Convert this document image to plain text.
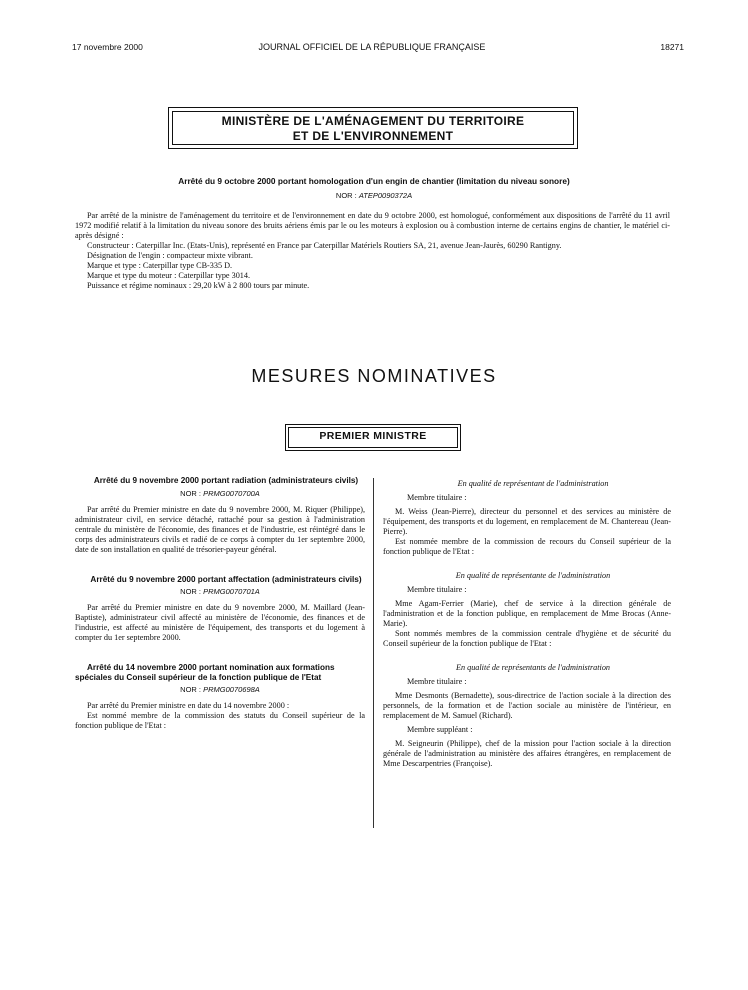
17 novembre 2000	JOURNAL OFFICIEL DE LA RÉPUBLIQUE FRANÇAISE	18271
MINISTÈRE DE L'AMÉNAGEMENT DU TERRITOIRE
ET DE L'ENVIRONNEMENT
Arrêté du 9 octobre 2000 portant homologation d'un engin de chantier (limitation du niveau sonore)
NOR : ATEP0090372A

Par arrêté de la ministre de l'aménagement du territoire et de l'environnement en date du 9 octobre 2000, est homologué, conformément aux dispositions de l'arrêté du 11 avril 1972 modifié relatif à la limitation du niveau sonore des bruits aériens émis par le ou les moteurs à explosion ou à combustion interne de certains engins de chantier, le matériel ci-après désigné :

Constructeur : Caterpillar Inc. (Etats-Unis), représenté en France par Caterpillar Matériels Routiers SA, 21, avenue Jean-Jaurès, 60290 Rantigny.

Désignation de l'engin : compacteur mixte vibrant.

Marque et type : Caterpillar type CB-335 D.

Marque et type du moteur : Caterpillar type 3014.

Puissance et régime nominaux : 29,20 kW à 2 800 tours par minute.

MESURES NOMINATIVES
PREMIER MINISTRE

Arrêté du 9 novembre 2000 portant radiation (administrateurs civils)

NOR : PRMG0070700A

Par arrêté du Premier ministre en date du 9 novembre 2000, M. Riquer (Philippe), administrateur civil, en service détaché, rattaché pour sa gestion à l'administration centrale du ministère de l'économie, des finances et de l'industrie, est réintégré dans le corps des administrateurs civils et radié de ce corps à compter du 1er septembre 2000, date de son installation en qualité de trésorier-payeur général.

Arrêté du 9 novembre 2000 portant affectation (administrateurs civils)

NOR : PRMG0070701A

Par arrêté du Premier ministre en date du 9 novembre 2000, M. Maillard (Jean-Baptiste), administrateur civil affecté au ministère de l'économie, des finances et de l'industrie, est affecté au ministère de l'équipement, des transports et du logement à compter du 1er septembre 2000.

Arrêté du 14 novembre 2000 portant nomination aux formations spéciales du Conseil supérieur de la fonction publique de l'Etat

NOR : PRMG0070698A

Par arrêté du Premier ministre en date du 14 novembre 2000 :

Est nommé membre de la commission des statuts du Conseil supérieur de la fonction publique de l'Etat :

En qualité de représentant de l'administration

Membre titulaire :

M. Weiss (Jean-Pierre), directeur du personnel et des services au ministère de l'équipement, des transports et du logement, en remplacement de M. Chantereau (Jean-Pierre).

Est nommée membre de la commission de recours du Conseil supérieur de la fonction publique de l'Etat :

En qualité de représentante de l'administration

Membre titulaire :

Mme Agam-Ferrier (Marie), chef de service à la direction générale de l'administration et de la fonction publique, en remplacement de Mme Brocas (Anne-Marie).

Sont nommés membres de la commission centrale d'hygiène et de sécurité du Conseil supérieur de la fonction publique de l'Etat :

En qualité de représentants de l'administration

Membre titulaire :

Mme Desmonts (Bernadette), sous-directrice de l'action sociale à la direction des personnels, de la formation et de l'action sociale au ministère de l'intérieur, en remplacement de M. Samuel (Richard).

Membre suppléant :

M. Seigneurin (Philippe), chef de la mission pour l'action sociale à la direction générale de l'administration au ministère des affaires étrangères, en remplacement de Mme Descarpentries (Françoise).
